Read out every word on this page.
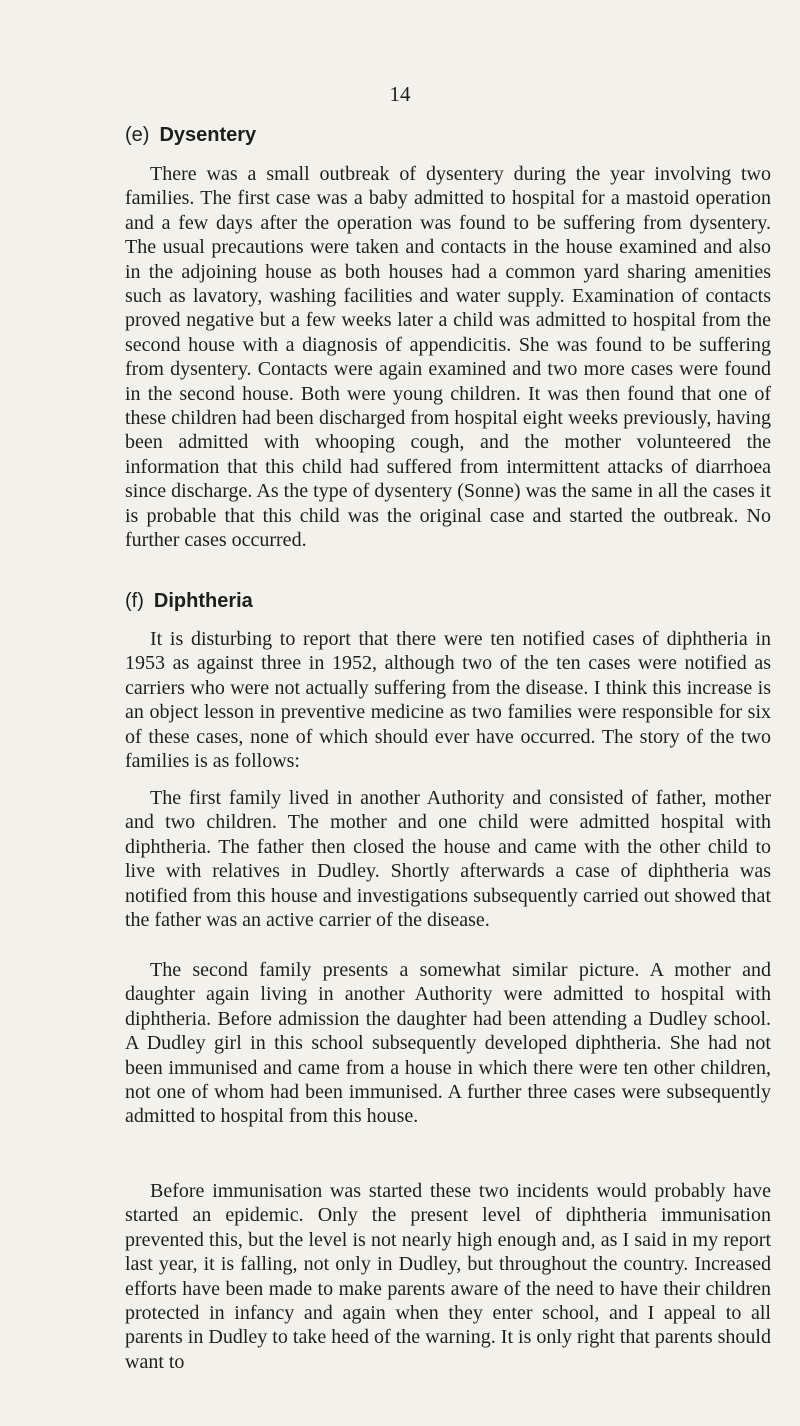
14
(e) Dysentery

There was a small outbreak of dysentery during the year involving two families. The first case was a baby admitted to hospital for a mastoid operation and a few days after the operation was found to be suffering from dysentery. The usual precautions were taken and contacts in the house examined and also in the adjoining house as both houses had a common yard sharing amenities such as lavatory, washing facilities and water supply. Examination of contacts proved negative but a few weeks later a child was admitted to hospital from the second house with a diagnosis of appendicitis. She was found to be suffering from dysentery. Contacts were again examined and two more cases were found in the second house. Both were young children. It was then found that one of these children had been discharged from hospital eight weeks previously, having been admitted with whooping cough, and the mother volunteered the information that this child had suffered from intermittent attacks of diarrhoea since discharge. As the type of dysentery (Sonne) was the same in all the cases it is probable that this child was the original case and started the outbreak. No further cases occurred.

(f) Diphtheria

It is disturbing to report that there were ten notified cases of diphtheria in 1953 as against three in 1952, although two of the ten cases were notified as carriers who were not actually suffering from the disease. I think this increase is an object lesson in preventive medicine as two families were responsible for six of these cases, none of which should ever have occurred. The story of the two families is as follows:

The first family lived in another Authority and consisted of father, mother and two children. The mother and one child were admitted hospital with diphtheria. The father then closed the house and came with the other child to live with relatives in Dudley. Shortly afterwards a case of diphtheria was notified from this house and investigations subsequently carried out showed that the father was an active carrier of the disease.

The second family presents a somewhat similar picture. A mother and daughter again living in another Authority were admitted to hospital with diphtheria. Before admission the daughter had been attending a Dudley school. A Dudley girl in this school subsequently developed diphtheria. She had not been immunised and came from a house in which there were ten other children, not one of whom had been immunised. A further three cases were subsequently admitted to hospital from this house.

Before immunisation was started these two incidents would probably have started an epidemic. Only the present level of diphtheria immunisation prevented this, but the level is not nearly high enough and, as I said in my report last year, it is falling, not only in Dudley, but throughout the country. Increased efforts have been made to make parents aware of the need to have their children protected in infancy and again when they enter school, and I appeal to all parents in Dudley to take heed of the warning. It is only right that parents should want to
